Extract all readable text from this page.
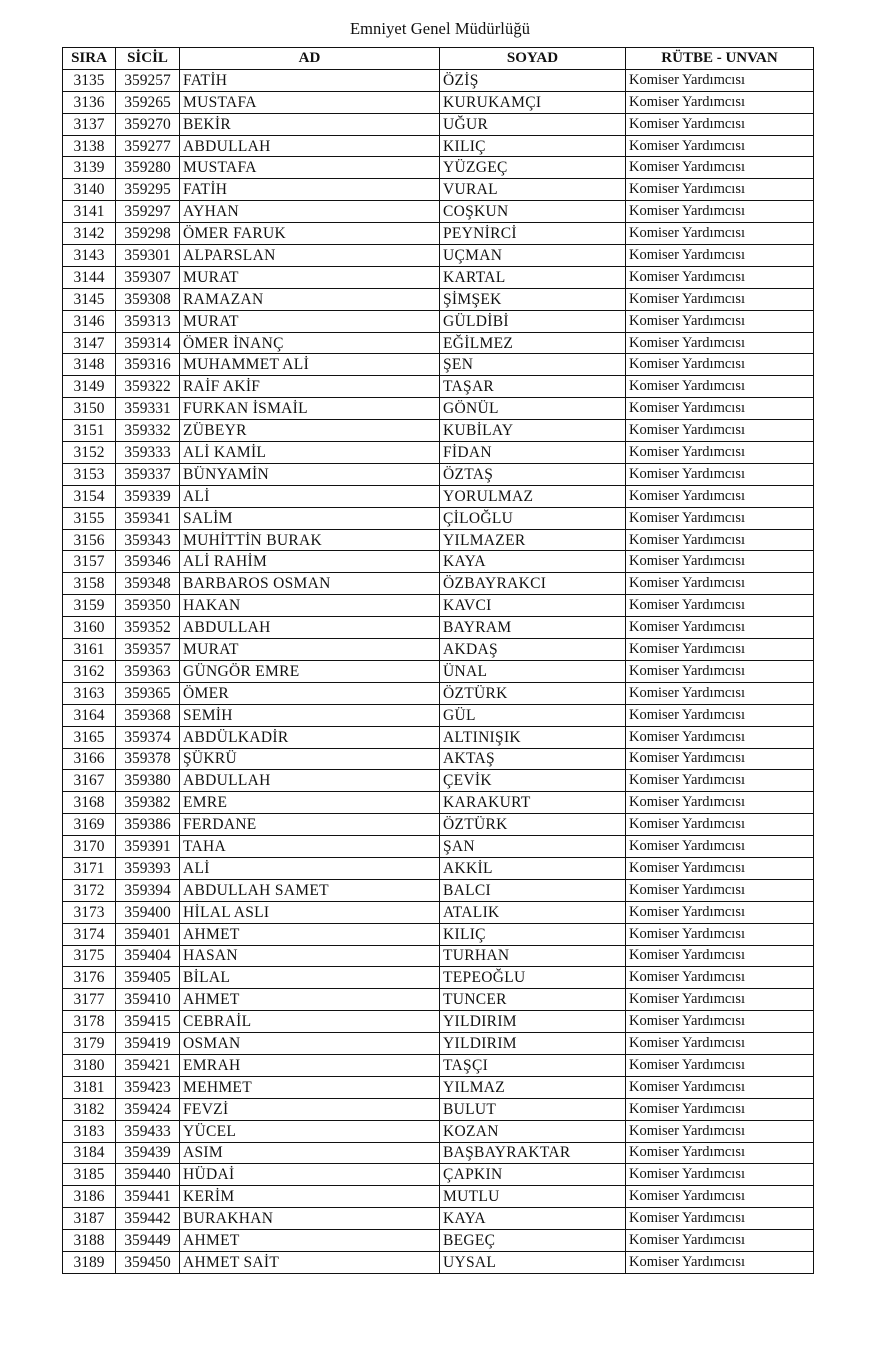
Emniyet Genel Müdürlüğü
SIRA	SİCİL	AD	SOYAD	RÜTBE - UNVAN
3135	359257	FATİH	ÖZİŞ	Komiser Yardımcısı
3136	359265	MUSTAFA	KURUKAMÇI	Komiser Yardımcısı
3137	359270	BEKİR	UĞUR	Komiser Yardımcısı
3138	359277	ABDULLAH	KILIÇ	Komiser Yardımcısı
3139	359280	MUSTAFA	YÜZGEÇ	Komiser Yardımcısı
3140	359295	FATİH	VURAL	Komiser Yardımcısı
3141	359297	AYHAN	COŞKUN	Komiser Yardımcısı
3142	359298	ÖMER FARUK	PEYNİRCİ	Komiser Yardımcısı
3143	359301	ALPARSLAN	UÇMAN	Komiser Yardımcısı
3144	359307	MURAT	KARTAL	Komiser Yardımcısı
3145	359308	RAMAZAN	ŞİMŞEK	Komiser Yardımcısı
3146	359313	MURAT	GÜLDİBİ	Komiser Yardımcısı
3147	359314	ÖMER İNANÇ	EĞİLMEZ	Komiser Yardımcısı
3148	359316	MUHAMMET ALİ	ŞEN	Komiser Yardımcısı
3149	359322	RAİF AKİF	TAŞAR	Komiser Yardımcısı
3150	359331	FURKAN İSMAİL	GÖNÜL	Komiser Yardımcısı
3151	359332	ZÜBEYR	KUBİLAY	Komiser Yardımcısı
3152	359333	ALİ KAMİL	FİDAN	Komiser Yardımcısı
3153	359337	BÜNYAMİN	ÖZTAŞ	Komiser Yardımcısı
3154	359339	ALİ	YORULMAZ	Komiser Yardımcısı
3155	359341	SALİM	ÇİLOĞLU	Komiser Yardımcısı
3156	359343	MUHİTTİN BURAK	YILMAZER	Komiser Yardımcısı
3157	359346	ALİ RAHİM	KAYA	Komiser Yardımcısı
3158	359348	BARBAROS OSMAN	ÖZBAYRAKCI	Komiser Yardımcısı
3159	359350	HAKAN	KAVCI	Komiser Yardımcısı
3160	359352	ABDULLAH	BAYRAM	Komiser Yardımcısı
3161	359357	MURAT	AKDAŞ	Komiser Yardımcısı
3162	359363	GÜNGÖR EMRE	ÜNAL	Komiser Yardımcısı
3163	359365	ÖMER	ÖZTÜRK	Komiser Yardımcısı
3164	359368	SEMİH	GÜL	Komiser Yardımcısı
3165	359374	ABDÜLKADİR	ALTINIŞIK	Komiser Yardımcısı
3166	359378	ŞÜKRÜ	AKTAŞ	Komiser Yardımcısı
3167	359380	ABDULLAH	ÇEVİK	Komiser Yardımcısı
3168	359382	EMRE	KARAKURT	Komiser Yardımcısı
3169	359386	FERDANE	ÖZTÜRK	Komiser Yardımcısı
3170	359391	TAHA	ŞAN	Komiser Yardımcısı
3171	359393	ALİ	AKKİL	Komiser Yardımcısı
3172	359394	ABDULLAH SAMET	BALCI	Komiser Yardımcısı
3173	359400	HİLAL ASLI	ATALIK	Komiser Yardımcısı
3174	359401	AHMET	KILIÇ	Komiser Yardımcısı
3175	359404	HASAN	TURHAN	Komiser Yardımcısı
3176	359405	BİLAL	TEPEOĞLU	Komiser Yardımcısı
3177	359410	AHMET	TUNCER	Komiser Yardımcısı
3178	359415	CEBRAİL	YILDIRIM	Komiser Yardımcısı
3179	359419	OSMAN	YILDIRIM	Komiser Yardımcısı
3180	359421	EMRAH	TAŞÇI	Komiser Yardımcısı
3181	359423	MEHMET	YILMAZ	Komiser Yardımcısı
3182	359424	FEVZİ	BULUT	Komiser Yardımcısı
3183	359433	YÜCEL	KOZAN	Komiser Yardımcısı
3184	359439	ASIM	BAŞBAYRAKTAR	Komiser Yardımcısı
3185	359440	HÜDAİ	ÇAPKIN	Komiser Yardımcısı
3186	359441	KERİM	MUTLU	Komiser Yardımcısı
3187	359442	BURAKHAN	KAYA	Komiser Yardımcısı
3188	359449	AHMET	BEGEÇ	Komiser Yardımcısı
3189	359450	AHMET SAİT	UYSAL	Komiser Yardımcısı
